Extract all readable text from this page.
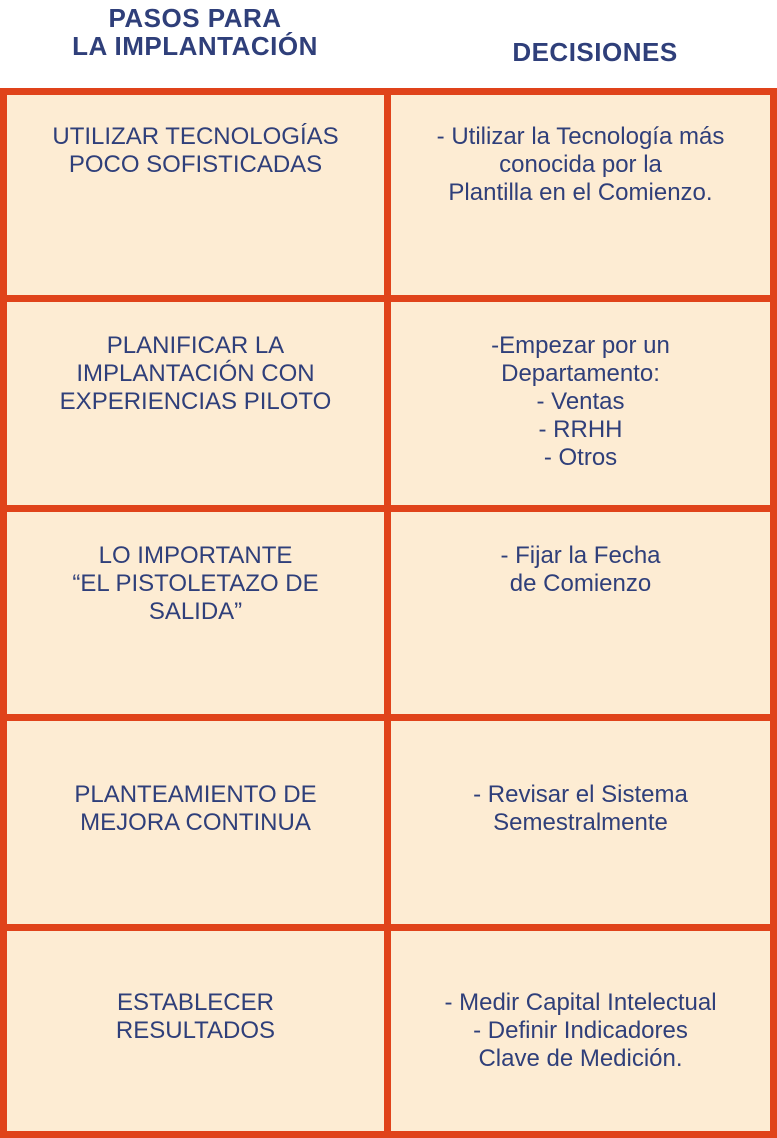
PASOS PARA
LA IMPLANTACIÓN	DECISIONES
UTILIZAR TECNOLOGÍAS
POCO SOFISTICADAS
- Utilizar la Tecnología más
conocida por la
Plantilla en el Comienzo.
PLANIFICAR LA
IMPLANTACIÓN CON
EXPERIENCIAS PILOTO
-Empezar por un
Departamento:
- Ventas
- RRHH
- Otros
LO IMPORTANTE
“EL PISTOLETAZO DE
SALIDA”
- Fijar la Fecha
de Comienzo
PLANTEAMIENTO DE
MEJORA CONTINUA
- Revisar el Sistema
Semestralmente
ESTABLECER
RESULTADOS
- Medir Capital Intelectual
- Definir Indicadores
Clave de Medición.
